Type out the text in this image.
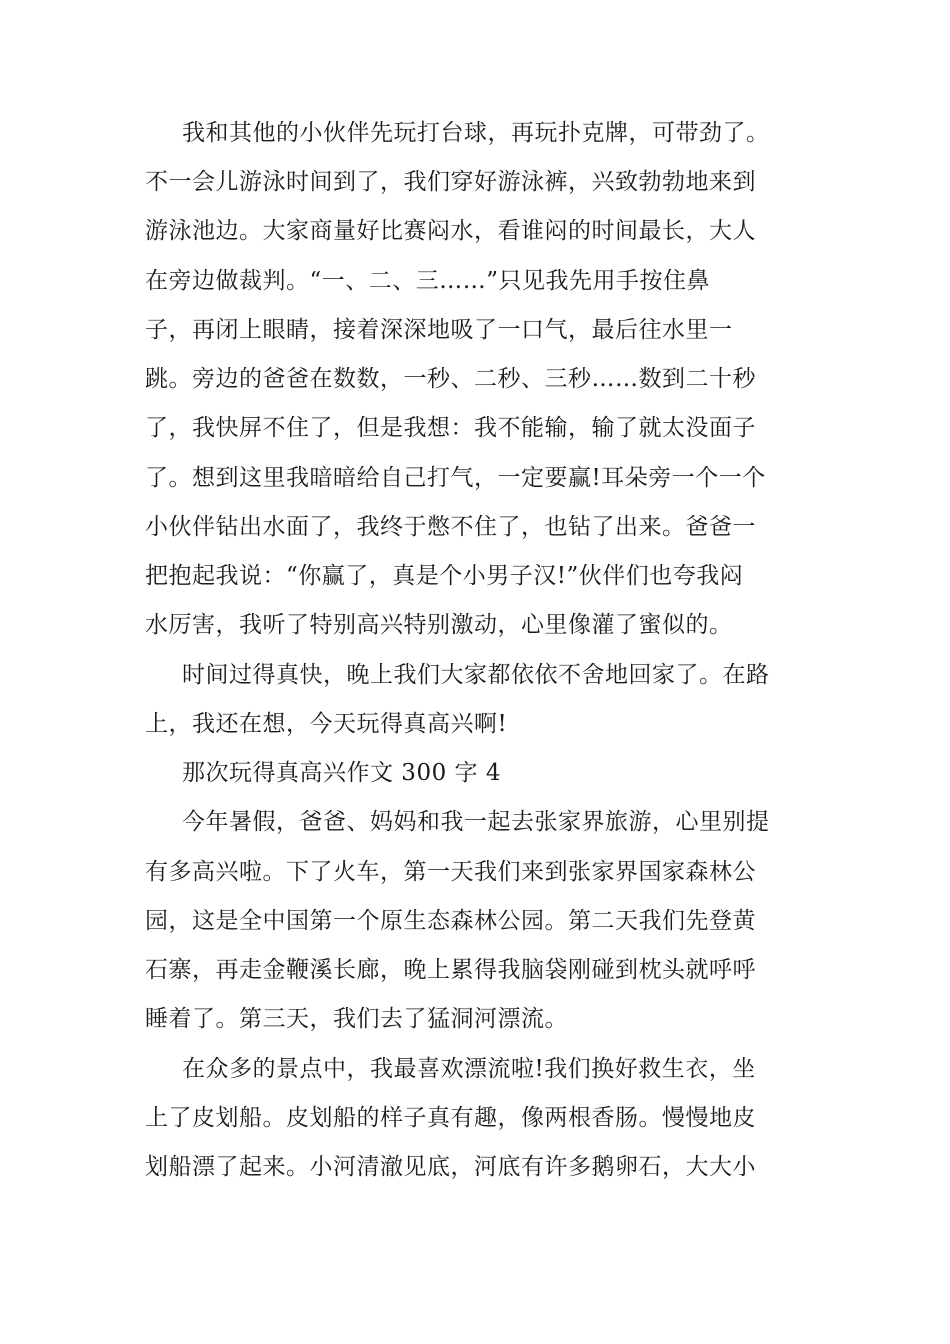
我和其他的小伙伴先玩打台球，再玩扑克牌，可带劲了。

不一会儿游泳时间到了，我们穿好游泳裤，兴致勃勃地来到

游泳池边。大家商量好比赛闷水，看谁闷的时间最长，大人

在旁边做裁判。“一、二、三……”只见我先用手按住鼻

子，再闭上眼睛，接着深深地吸了一口气，最后往水里一

跳。旁边的爸爸在数数，一秒、二秒、三秒……数到二十秒

了，我快屏不住了，但是我想：我不能输，输了就太没面子

了。想到这里我暗暗给自己打气，一定要赢!耳朵旁一个一个

小伙伴钻出水面了，我终于憋不住了，也钻了出来。爸爸一

把抱起我说：“你赢了，真是个小男子汉!”伙伴们也夸我闷

水厉害，我听了特别高兴特别激动，心里像灌了蜜似的。

时间过得真快，晚上我们大家都依依不舍地回家了。在路

上，我还在想，今天玩得真高兴啊!

那次玩得真高兴作文 300 字 4

今年暑假，爸爸、妈妈和我一起去张家界旅游，心里别提

有多高兴啦。下了火车，第一天我们来到张家界国家森林公

园，这是全中国第一个原生态森林公园。第二天我们先登黄

石寨，再走金鞭溪长廊，晚上累得我脑袋刚碰到枕头就呼呼

睡着了。第三天，我们去了猛洞河漂流。

在众多的景点中，我最喜欢漂流啦!我们换好救生衣，坐

上了皮划船。皮划船的样子真有趣，像两根香肠。慢慢地皮

划船漂了起来。小河清澈见底，河底有许多鹅卵石，大大小
